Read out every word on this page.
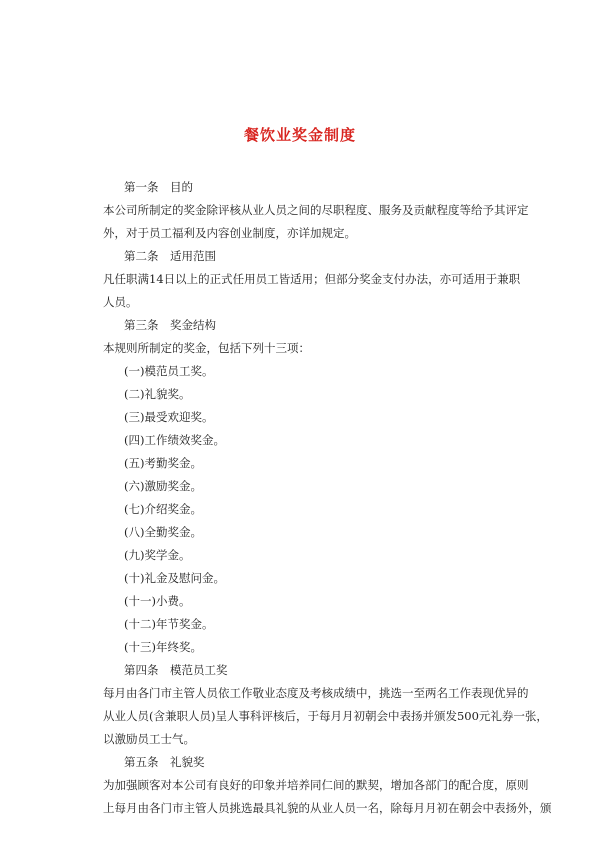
餐饮业奖金制度
第一条　目的
本公司所制定的奖金除评核从业人员之间的尽职程度、服务及贡献程度等给予其评定
外，对于员工福利及内容创业制度，亦详加规定。
第二条　适用范围
凡任职满14日以上的正式任用员工皆适用；但部分奖金支付办法，亦可适用于兼职
人员。
第三条　奖金结构
本规则所制定的奖金，包括下列十三项：
(一)模范员工奖。
(二)礼貌奖。
(三)最受欢迎奖。
(四)工作绩效奖金。
(五)考勤奖金。
(六)激励奖金。
(七)介绍奖金。
(八)全勤奖金。
(九)奖学金。
(十)礼金及慰问金。
(十一)小费。
(十二)年节奖金。
(十三)年终奖。
第四条　模范员工奖
每月由各门市主管人员依工作敬业态度及考核成绩中，挑选一至两名工作表现优异的
从业人员(含兼职人员)呈人事科评核后，于每月月初朝会中表扬并颁发500元礼券一张，
以激励员工士气。
第五条　礼貌奖
为加强顾客对本公司有良好的印象并培养同仁间的默契，增加各部门的配合度，原则
上每月由各门市主管人员挑选最具礼貌的从业人员一名，除每月月初在朝会中表扬外，颁
